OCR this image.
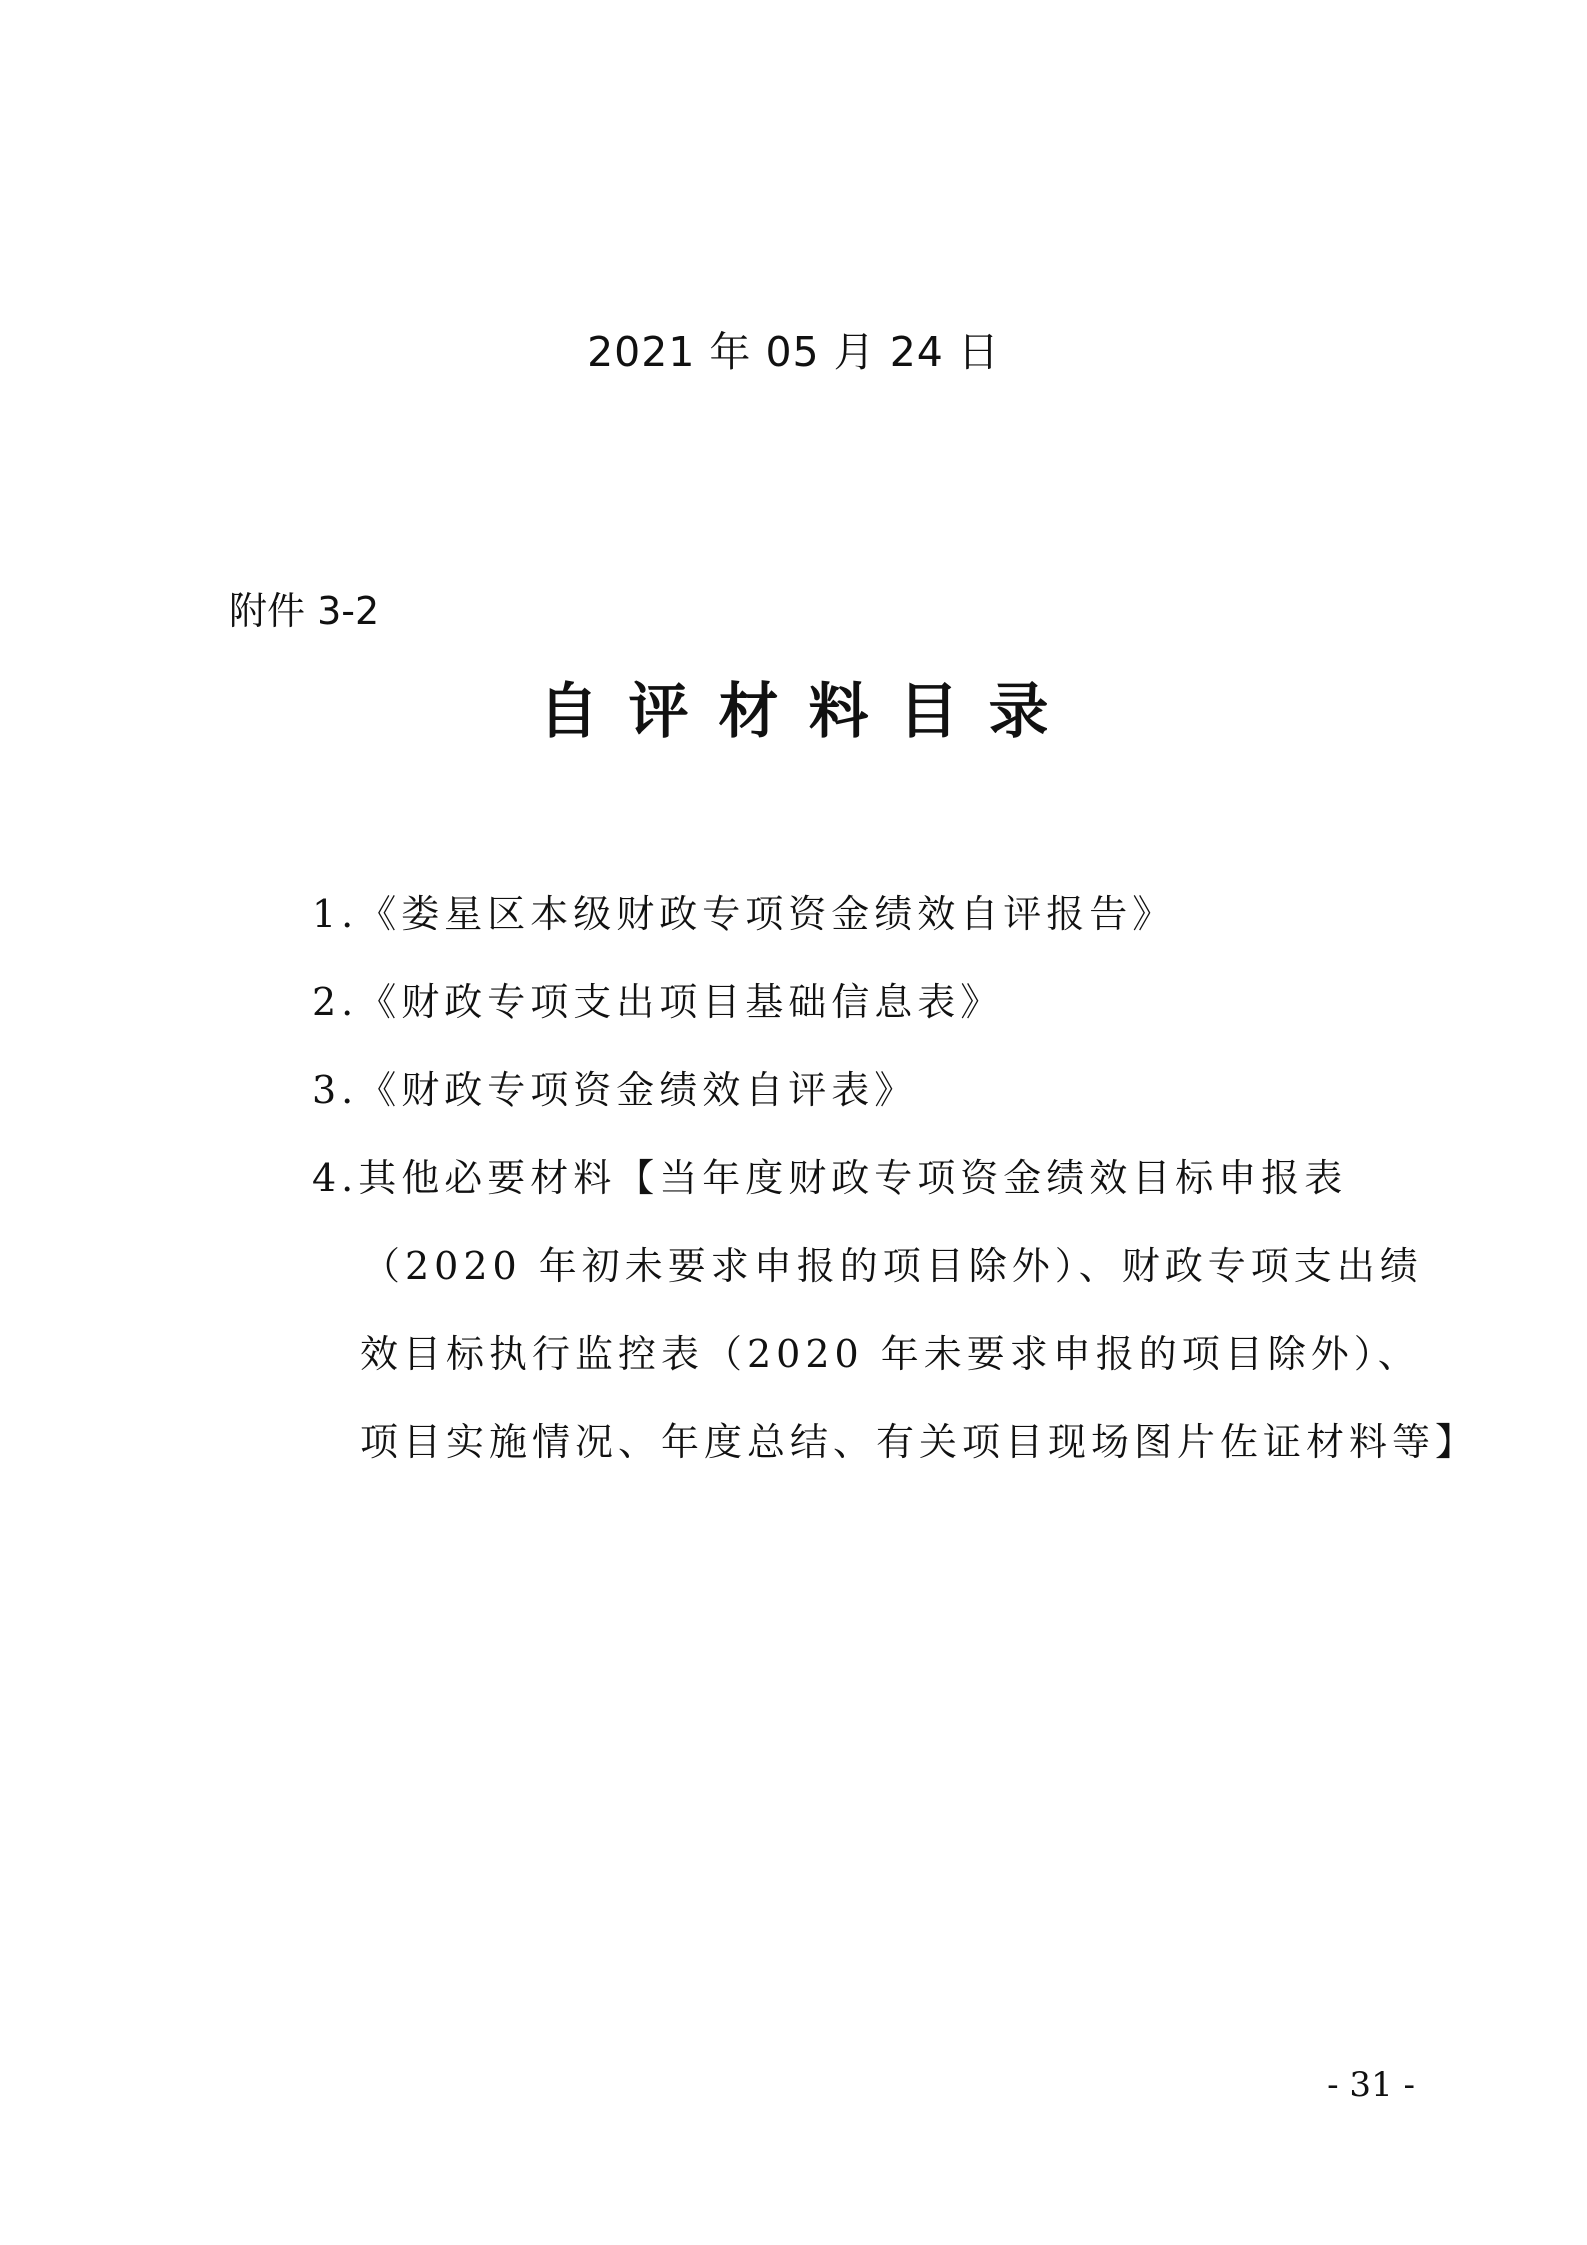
2021 年 05 月 24 日
附件 3-2
自评材料目录
1.《娄星区本级财政专项资金绩效自评报告》
2.《财政专项支出项目基础信息表》
3.《财政专项资金绩效自评表》
4.其他必要材料【当年度财政专项资金绩效目标申报表
（2020 年初未要求申报的项目除外）、财政专项支出绩
效目标执行监控表（2020 年未要求申报的项目除外）、
项目实施情况、年度总结、有关项目现场图片佐证材料等】
- 31 -
